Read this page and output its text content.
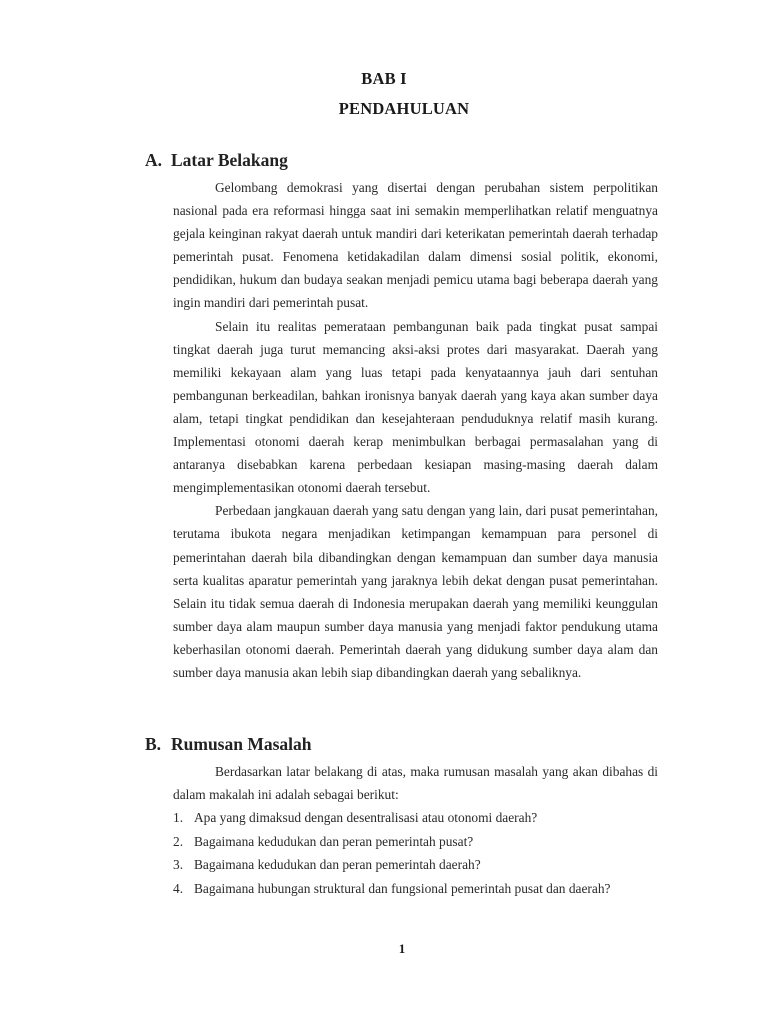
BAB I
PENDAHULUAN
A. Latar Belakang

Gelombang demokrasi yang disertai dengan perubahan sistem perpolitikan nasional pada era reformasi hingga saat ini semakin memperlihatkan relatif menguatnya gejala keinginan rakyat daerah untuk mandiri dari keterikatan pemerintah daerah terhadap pemerintah pusat. Fenomena ketidakadilan dalam dimensi sosial politik, ekonomi, pendidikan, hukum dan budaya seakan menjadi pemicu utama bagi beberapa daerah yang ingin mandiri dari pemerintah pusat.

Selain itu realitas pemerataan pembangunan baik pada tingkat pusat sampai tingkat daerah juga turut memancing aksi-aksi protes dari masyarakat. Daerah yang memiliki kekayaan alam yang luas tetapi pada kenyataannya jauh dari sentuhan pembangunan berkeadilan, bahkan ironisnya banyak daerah yang kaya akan sumber daya alam, tetapi tingkat pendidikan dan kesejahteraan penduduknya relatif masih kurang. Implementasi otonomi daerah kerap menimbulkan berbagai permasalahan yang di antaranya disebabkan karena perbedaan kesiapan masing-masing daerah dalam mengimplementasikan otonomi daerah tersebut.

Perbedaan jangkauan daerah yang satu dengan yang lain, dari pusat pemerintahan, terutama ibukota negara menjadikan ketimpangan kemampuan para personel di pemerintahan daerah bila dibandingkan dengan kemampuan dan sumber daya manusia serta kualitas aparatur pemerintah yang jaraknya lebih dekat dengan pusat pemerintahan. Selain itu tidak semua daerah di Indonesia merupakan daerah yang memiliki keunggulan sumber daya alam maupun sumber daya manusia yang menjadi faktor pendukung utama keberhasilan otonomi daerah. Pemerintah daerah yang didukung sumber daya alam dan sumber daya manusia akan lebih siap dibandingkan daerah yang sebaliknya.

B. Rumusan Masalah

Berdasarkan latar belakang di atas, maka rumusan masalah yang akan dibahas di dalam makalah ini adalah sebagai berikut:

1. Apa yang dimaksud dengan desentralisasi atau otonomi daerah?
2. Bagaimana kedudukan dan peran pemerintah pusat?
3. Bagaimana kedudukan dan peran pemerintah daerah?
4. Bagaimana hubungan struktural dan fungsional pemerintah pusat dan daerah?
1
